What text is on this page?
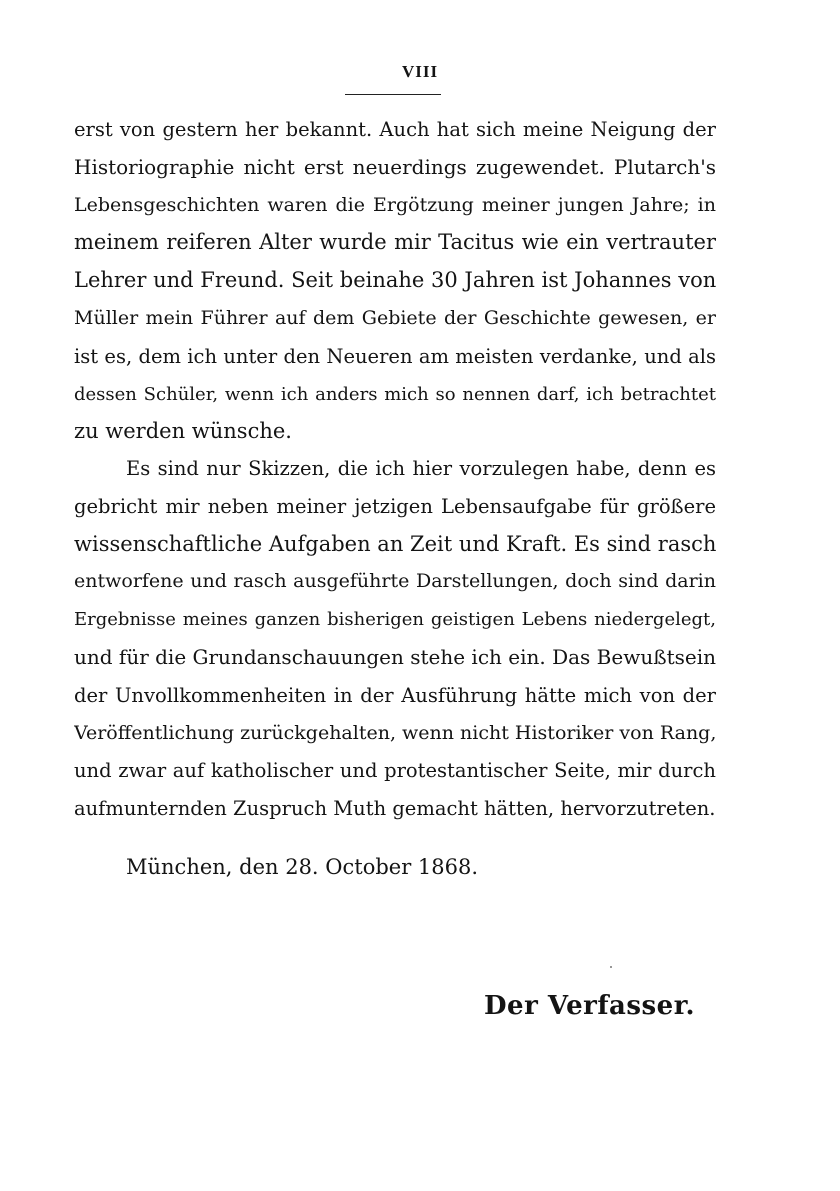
VIII
erst von gestern her bekannt. Auch hat sich meine Neigung der
Historiographie nicht erst neuerdings zugewendet. Plutarch's
Lebensgeschichten waren die Ergötzung meiner jungen Jahre; in
meinem reiferen Alter wurde mir Tacitus wie ein vertrauter
Lehrer und Freund. Seit beinahe 30 Jahren ist Johannes von
Müller mein Führer auf dem Gebiete der Geschichte gewesen, er
ist es, dem ich unter den Neueren am meisten verdanke, und als
dessen Schüler, wenn ich anders mich so nennen darf, ich betrachtet
zu werden wünsche.
Es sind nur Skizzen, die ich hier vorzulegen habe, denn es
gebricht mir neben meiner jetzigen Lebensaufgabe für größere
wissenschaftliche Aufgaben an Zeit und Kraft. Es sind rasch
entworfene und rasch ausgeführte Darstellungen, doch sind darin
Ergebnisse meines ganzen bisherigen geistigen Lebens niedergelegt,
und für die Grundanschauungen stehe ich ein. Das Bewußtsein
der Unvollkommenheiten in der Ausführung hätte mich von der
Veröffentlichung zurückgehalten, wenn nicht Historiker von Rang,
und zwar auf katholischer und protestantischer Seite, mir durch
aufmunternden Zuspruch Muth gemacht hätten, hervorzutreten.
München, den 28. October 1868.
Der Verfasser.
